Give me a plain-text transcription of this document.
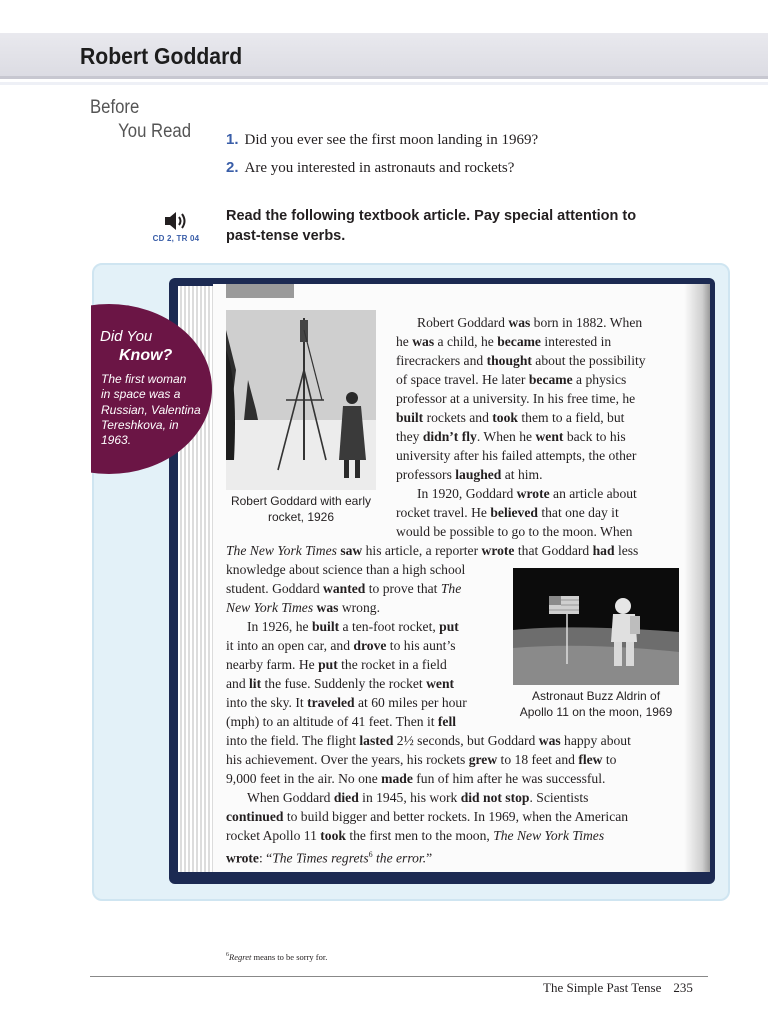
Robert Goddard
Before
You Read 1. Did you ever see the first moon landing in 1969?
2. Are you interested in astronauts and rockets?
CD 2, TR 04
Read the following textbook article. Pay special attention to
past-tense verbs.
Robert Goddard with early
rocket, 1926
Astronaut Buzz Aldrin of
Apollo 11 on the moon, 1969
Robert Goddard was born in 1882. When
he was a child, he became interested in
firecrackers and thought about the possibility
of space travel. He later became a physics
professor at a university. In his free time, he
built rockets and took them to a field, but
they didn’t fly. When he went back to his
university after his failed attempts, the other
professors laughed at him.
In 1920, Goddard wrote an article about
rocket travel. He believed that one day it
would be possible to go to the moon. When
The New York Times saw his article, a reporter wrote that Goddard had less
knowledge about science than a high school
student. Goddard wanted to prove that The
New York Times was wrong.
In 1926, he built a ten-foot rocket, put
it into an open car, and drove to his aunt’s
nearby farm. He put the rocket in a field
and lit the fuse. Suddenly the rocket went
into the sky. It traveled at 60 miles per hour
(mph) to an altitude of 41 feet. Then it fell
into the field. The flight lasted 2½ seconds, but Goddard was happy about
his achievement. Over the years, his rockets grew to 18 feet and flew to
9,000 feet in the air. No one made fun of him after he was successful.
When Goddard died in 1945, his work did not stop. Scientists
continued to build bigger and better rockets. In 1969, when the American
rocket Apollo 11 took the first men to the moon, The New York Times
wrote: “The Times regrets$^6$ the error.”
Did You
Know?
The first woman
in space was a
Russian, Valentina
Tereshkova, in
1963.
$^6$Regret means to be sorry for.
The Simple Past Tense 235
